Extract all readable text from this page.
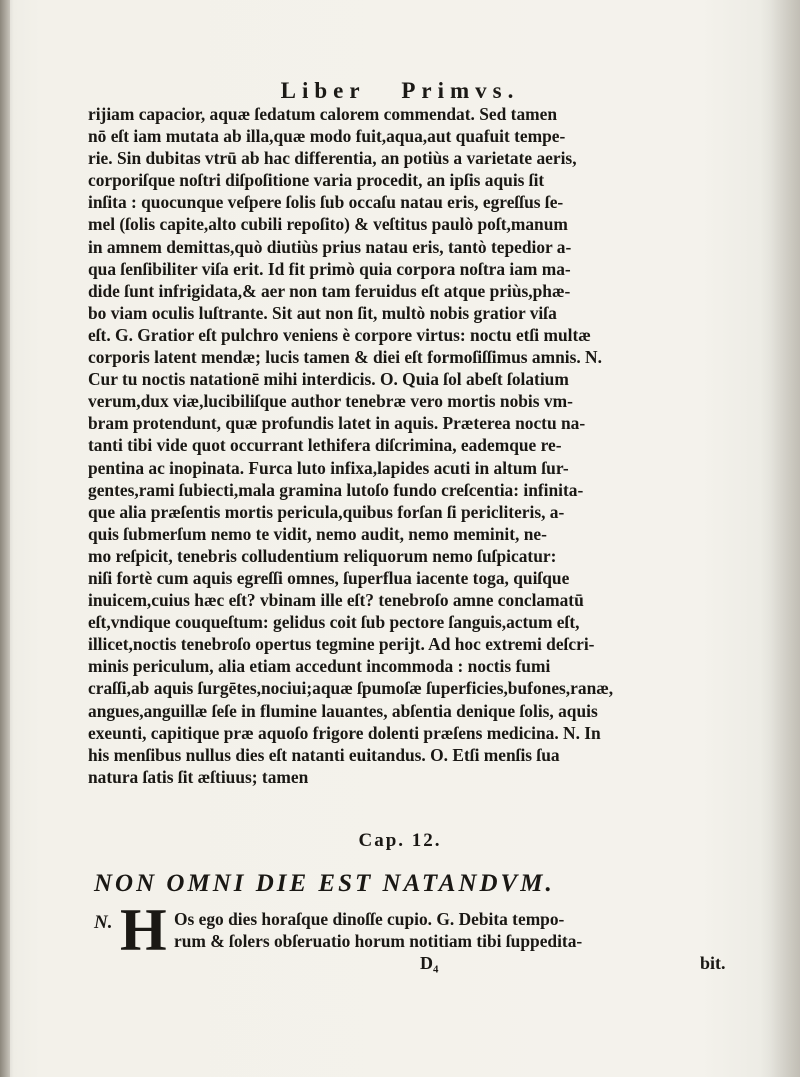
Liber Primvs.
rijiam capacior, aquæ ſedatum calorem commendat. Sed tamen
nō eſt iam mutata ab illa,quæ modo fuit,aqua,aut quafuit tempe-
rie. Sin dubitas vtrū ab hac differentia, an potiùs a varietate aeris,
corporiſque noſtri diſpoſitione varia procedit, an ipſis aquis ſit
inſita : quocunque veſpere ſolis ſub occaſu natau eris, egreſſus ſe-
mel (ſolis capite,alto cubili repoſito) & veſtitus paulò poſt,manum
in amnem demittas,quò diutiùs prius natau eris, tantò tepedior a-
qua ſenſibiliter viſa erit. Id fit primò quia corpora noſtra iam ma-
dide ſunt infrigidata,& aer non tam feruidus eſt atque priùs,phæ-
bo viam oculis luſtrante. Sit aut non ſit, multò nobis gratior viſa
eſt. G. Gratior eſt pulchro veniens è corpore virtus: noctu etſi multæ
corporis latent mendæ; lucis tamen & diei eſt formoſiſſimus amnis. N.
Cur tu noctis natationē mihi interdicis. O. Quia ſol abeſt ſolatium
verum,dux viæ,lucibiliſque author tenebræ vero mortis nobis vm-
bram protendunt, quæ profundis latet in aquis. Præterea noctu na-
tanti tibi vide quot occurrant lethifera diſcrimina, eademque re-
pentina ac inopinata. Furca luto infixa,lapides acuti in altum ſur-
gentes,rami ſubiecti,mala gramina lutoſo fundo creſcentia: infinita-
que alia præſentis mortis pericula,quibus forſan ſi pericliteris, a-
quis ſubmerſum nemo te vidit, nemo audit, nemo meminit, ne-
mo reſpicit, tenebris colludentium reliquorum nemo ſuſpicatur:
niſi fortè cum aquis egreſſi omnes, ſuperflua iacente toga, quiſque
inuicem,cuius hæc eſt? vbinam ille eſt? tenebroſo amne conclamatū
eſt,vndique couqueſtum: gelidus coit ſub pectore ſanguis,actum eſt,
illicet,noctis tenebroſo opertus tegmine perijt. Ad hoc extremi deſcri-
minis periculum, alia etiam accedunt incommoda : noctis fumi
craſſi,ab aquis ſurgētes,nociui;aquæ ſpumoſæ ſuperficies,bufones,ranæ,
angues,anguillæ ſeſe in flumine lauantes, abſentia denique ſolis, aquis
exeunti, capitique præ aquoſo frigore dolenti præſens medicina. N. In
his menſibus nullus dies eſt natanti euitandus. O. Etſi menſis ſua
natura ſatis ſit æſtiuus; tamen
Cap. 12.
NON OMNI DIE EST NATANDVM.
N. H Os ego dies horaſque dinoſſe cupio. G. Debita tempo-
rum & ſolers obſeruatio horum notitiam tibi ſuppedita-
D₄	bit.
